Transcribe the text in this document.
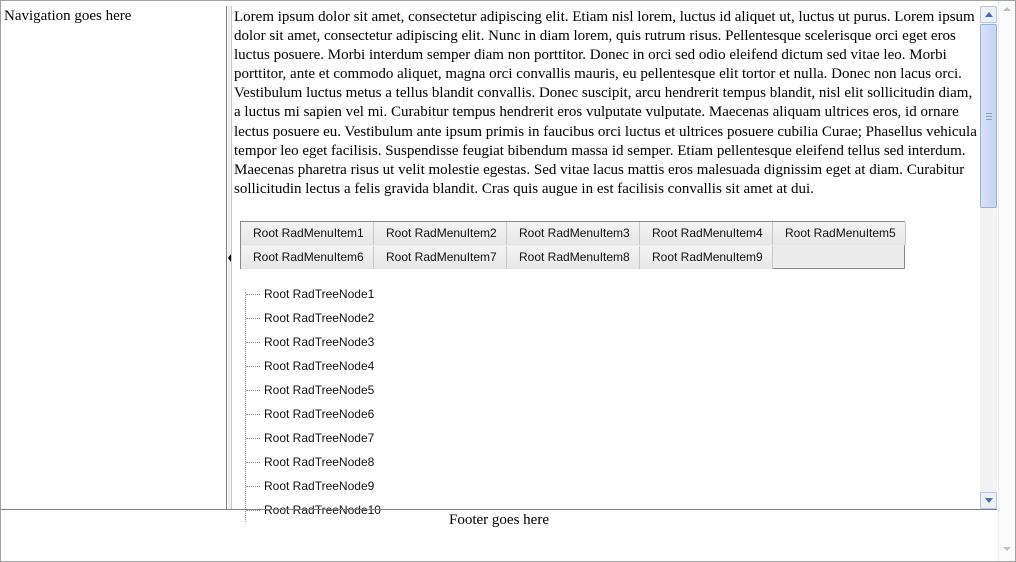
Navigation goes here	Lorem ipsum dolor sit amet, consectetur adipiscing elit. Etiam nisl lorem, luctus id aliquet ut, luctus ut purus. Lorem ipsum dolor sit amet, consectetur adipiscing elit. Nunc in diam lorem, quis rutrum risus. Pellentesque scelerisque orci eget eros luctus posuere. Morbi interdum semper diam non porttitor. Donec in orci sed odio eleifend dictum sed vitae leo. Morbi porttitor, ante et commodo aliquet, magna orci convallis mauris, eu pellentesque elit tortor et nulla. Donec non lacus orci. Vestibulum luctus metus a tellus blandit convallis. Donec suscipit, arcu hendrerit tempus blandit, nisl elit sollicitudin diam, a luctus mi sapien vel mi. Curabitur tempus hendrerit eros vulputate vulputate. Maecenas aliquam ultrices eros, id ornare lectus posuere eu. Vestibulum ante ipsum primis in faucibus orci luctus et ultrices posuere cubilia Curae; Phasellus vehicula tempor leo eget facilisis. Suspendisse feugiat bibendum massa id semper. Etiam pellentesque eleifend tellus sed interdum. Maecenas pharetra risus ut velit molestie egestas. Sed vitae lacus mattis eros malesuada dignissim eget at diam. Curabitur sollicitudin lectus a felis gravida blandit. Cras quis augue in est facilisis convallis sit amet at dui.

Root RadMenuItem1	Root RadMenuItem2	Root RadMenuItem3	Root RadMenuItem4	Root RadMenuItem5
Root RadMenuItem6	Root RadMenuItem7	Root RadMenuItem8	Root RadMenuItem9
Root RadTreeNode1
Root RadTreeNode2
Root RadTreeNode3
Root RadTreeNode4
Root RadTreeNode5
Root RadTreeNode6
Root RadTreeNode7
Root RadTreeNode8
Root RadTreeNode9
Root RadTreeNode10
Footer goes here
